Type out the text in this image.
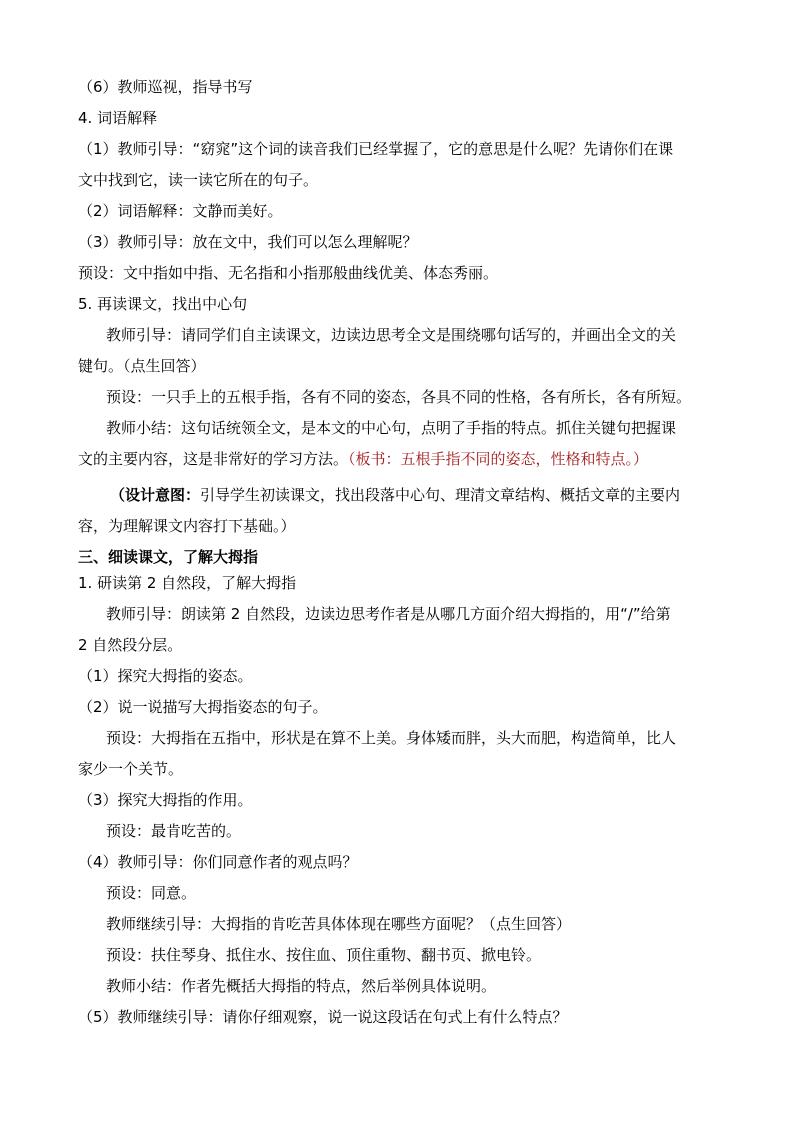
（6）教师巡视，指导书写
4. 词语解释
（1）教师引导：“窈窕”这个词的读音我们已经掌握了，它的意思是什么呢？先请你们在课
文中找到它，读一读它所在的句子。
（2）词语解释：文静而美好。
（3）教师引导：放在文中，我们可以怎么理解呢？
预设：文中指如中指、无名指和小指那般曲线优美、体态秀丽。
5. 再读课文，找出中心句
教师引导：请同学们自主读课文，边读边思考全文是围绕哪句话写的，并画出全文的关
键句。（点生回答）
预设：一只手上的五根手指，各有不同的姿态，各具不同的性格，各有所长，各有所短。
教师小结：这句话统领全文，是本文的中心句，点明了手指的特点。抓住关键句把握课
文的主要内容，这是非常好的学习方法。（板书：五根手指不同的姿态，性格和特点。）
（设计意图：引导学生初读课文，找出段落中心句、理清文章结构、概括文章的主要内
容，为理解课文内容打下基础。）
三、细读课文，了解大拇指
1. 研读第 2 自然段，了解大拇指
教师引导：朗读第 2 自然段，边读边思考作者是从哪几方面介绍大拇指的，用“/”给第
2 自然段分层。
（1）探究大拇指的姿态。
（2）说一说描写大拇指姿态的句子。
预设：大拇指在五指中，形状是在算不上美。身体矮而胖，头大而肥，构造简单，比人
家少一个关节。
（3）探究大拇指的作用。
预设：最肯吃苦的。
（4）教师引导：你们同意作者的观点吗？
预设：同意。
教师继续引导：大拇指的肯吃苦具体体现在哪些方面呢？（点生回答）
预设：扶住琴身、抵住水、按住血、顶住重物、翻书页、掀电铃。
教师小结：作者先概括大拇指的特点，然后举例具体说明。
（5）教师继续引导：请你仔细观察，说一说这段话在句式上有什么特点？
